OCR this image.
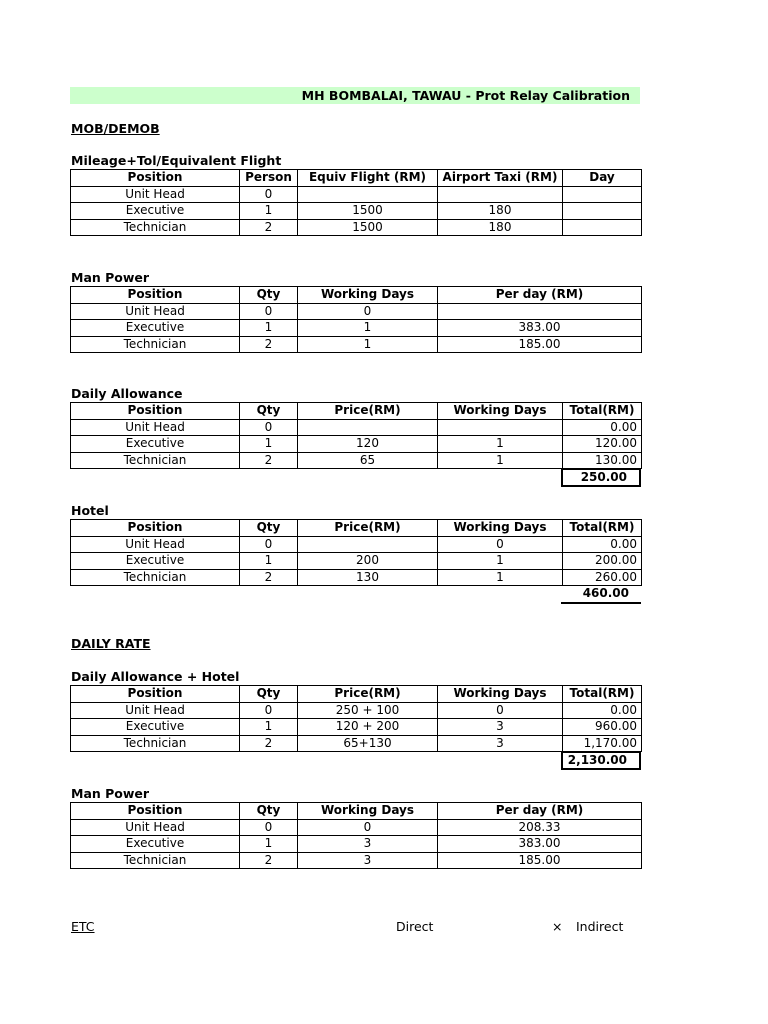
MH BOMBALAI, TAWAU - Prot Relay Calibration
MOB/DEMOB
Mileage+Tol/Equivalent Flight
Position	Person	Equiv Flight (RM)	Airport Taxi (RM)	Day
Unit Head	0			
Executive	1	1500	180	
Technician	2	1500	180	
Man Power
Position	Qty	Working Days	Per day (RM)
Unit Head	0	0	
Executive	1	1	383.00
Technician	2	1	185.00
Daily Allowance
Position	Qty	Price(RM)	Working Days	Total(RM)
Unit Head	0			0.00
Executive	1	120	1	120.00
Technician	2	65	1	130.00
250.00
Hotel
Position	Qty	Price(RM)	Working Days	Total(RM)
Unit Head	0		0	0.00
Executive	1	200	1	200.00
Technician	2	130	1	260.00
460.00
DAILY RATE
Daily Allowance + Hotel
Position	Qty	Price(RM)	Working Days	Total(RM)
Unit Head	0	250 + 100	0	0.00
Executive	1	120 + 200	3	960.00
Technician	2	65+130	3	1,170.00
2,130.00
Man Power
Position	Qty	Working Days	Per day (RM)
Unit Head	0	0	208.33
Executive	1	3	383.00
Technician	2	3	185.00
ETC	Direct	× Indirect
